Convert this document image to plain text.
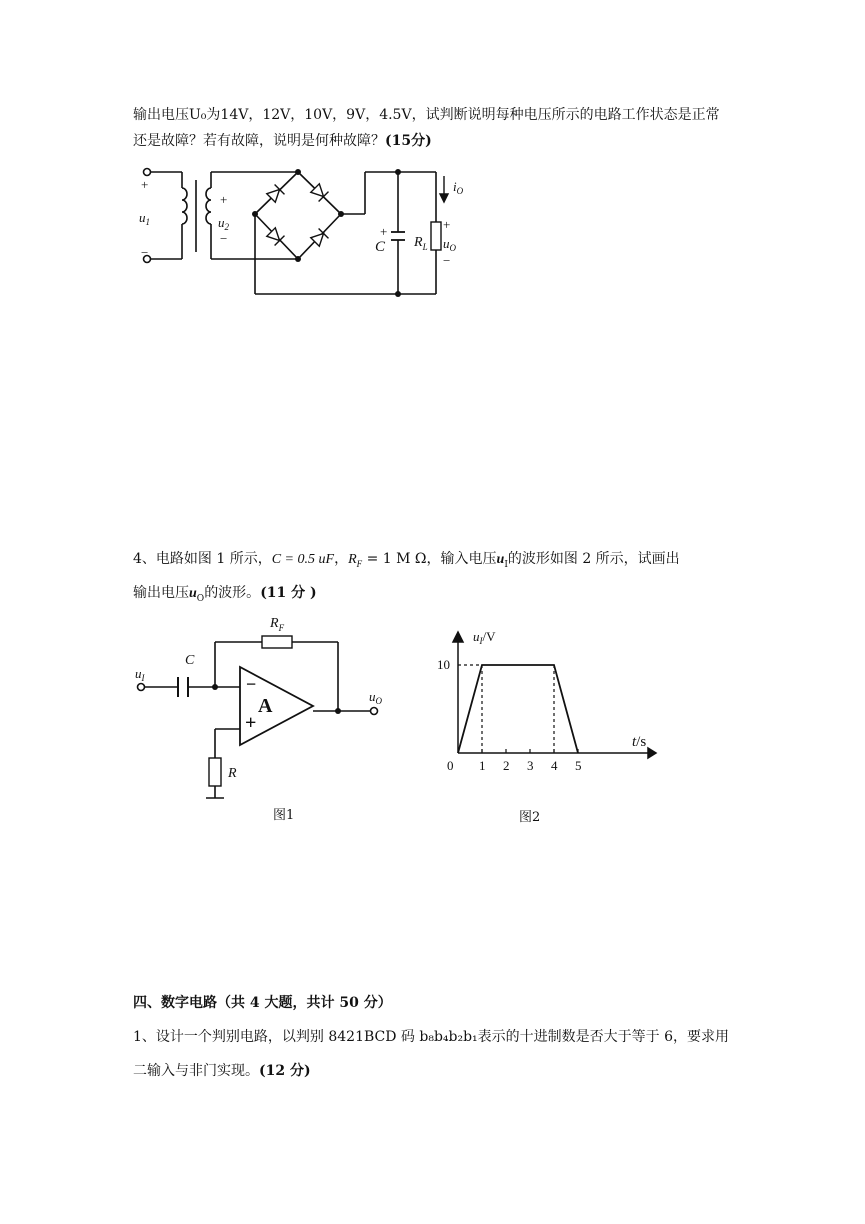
输出电压U₀为14V，12V，10V，9V，4.5V，试判断说明每种电压所示的电路工作状态是正常
还是故障？若有故障，说明是何种故障？(15分)
+
$u_1$
−
+
$u_2$
−	+
C $R_L$
+
$u_O$
−
$i_O$
4、电路如图 1 所示，C = 0.5 uF，$R_F = 1$ M Ω，输入电压$u_I$的波形如图 2 所示，试画出
输出电压$u_O$的波形。(11 分 )
$u_I$
C
$R_F$
A
−
+
R
$u_O$
图1
1 2 3 4 5
$u_I/V$
t/s
0
10
图2
四、数字电路（共 4 大题，共计 50 分）
1、设计一个判别电路，以判别 8421BCD 码 b₈b₄b₂b₁表示的十进制数是否大于等于 6，要求用
二输入与非门实现。(12 分)
